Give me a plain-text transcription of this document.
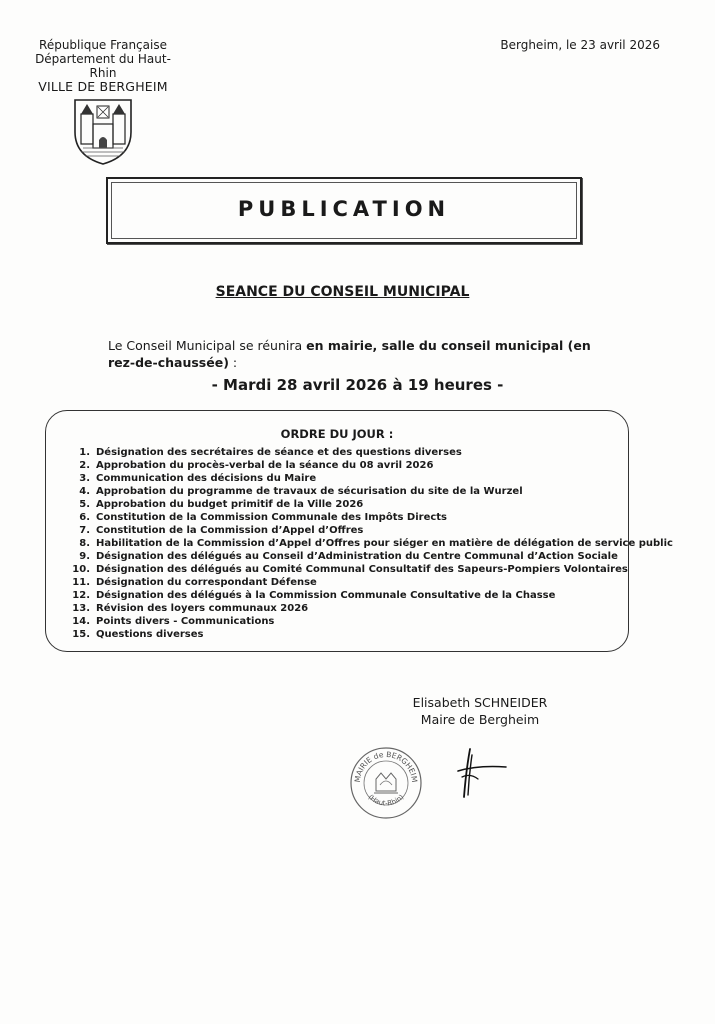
République Française
Département du Haut-Rhin
VILLE DE BERGHEIM
Bergheim, le 23 avril 2026
PUBLICATION
SEANCE DU CONSEIL MUNICIPAL
Le Conseil Municipal se réunira en mairie, salle du conseil municipal (en rez-de-chaussée) :
- Mardi 28 avril 2026 à 19 heures -
ORDRE DU JOUR :
1. Désignation des secrétaires de séance et des questions diverses
2. Approbation du procès-verbal de la séance du 08 avril 2026
3. Communication des décisions du Maire
4. Approbation du programme de travaux de sécurisation du site de la Wurzel
5. Approbation du budget primitif de la Ville 2026
6. Constitution de la Commission Communale des Impôts Directs
7. Constitution de la Commission d’Appel d’Offres
8. Habilitation de la Commission d’Appel d’Offres pour siéger en matière de délégation de service public
9. Désignation des délégués au Conseil d’Administration du Centre Communal d’Action Sociale
10. Désignation des délégués au Comité Communal Consultatif des Sapeurs-Pompiers Volontaires
11. Désignation du correspondant Défense
12. Désignation des délégués à la Commission Communale Consultative de la Chasse
13. Révision des loyers communaux 2026
14. Points divers - Communications
15. Questions diverses
Elisabeth SCHNEIDER
Maire de Bergheim
MAIRIE de BERGHEIM
(Haut-Rhin)
